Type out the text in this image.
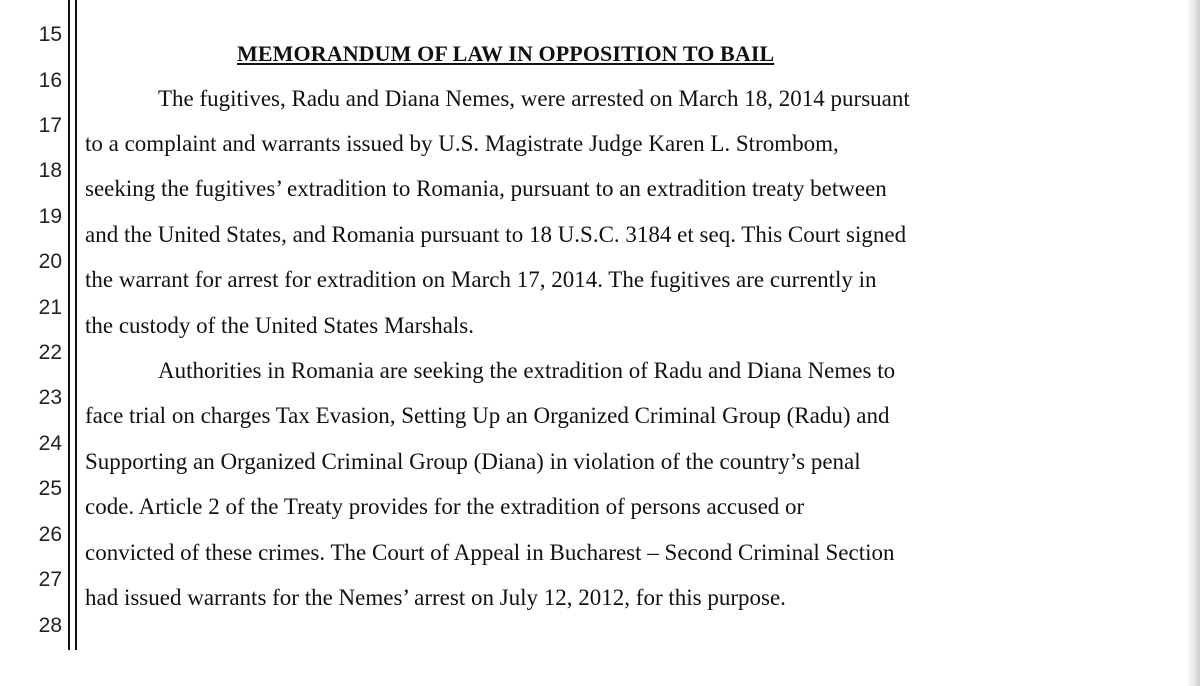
15
16
17
18
19
20
21
22
23
24
25
26
27
28
MEMORANDUM OF LAW IN OPPOSITION TO BAIL
The fugitives, Radu and Diana Nemes, were arrested on March 18, 2014 pursuant
to a complaint and warrants issued by U.S. Magistrate Judge Karen L. Strombom,
seeking the fugitives’ extradition to Romania, pursuant to an extradition treaty between
and the United States, and Romania pursuant to 18 U.S.C. 3184 et seq. This Court signed
the warrant for arrest for extradition on March 17, 2014. The fugitives are currently in
the custody of the United States Marshals.
Authorities in Romania are seeking the extradition of Radu and Diana Nemes to
face trial on charges Tax Evasion, Setting Up an Organized Criminal Group (Radu) and
Supporting an Organized Criminal Group (Diana) in violation of the country’s penal
code. Article 2 of the Treaty provides for the extradition of persons accused or
convicted of these crimes. The Court of Appeal in Bucharest – Second Criminal Section
had issued warrants for the Nemes’ arrest on July 12, 2012, for this purpose.
